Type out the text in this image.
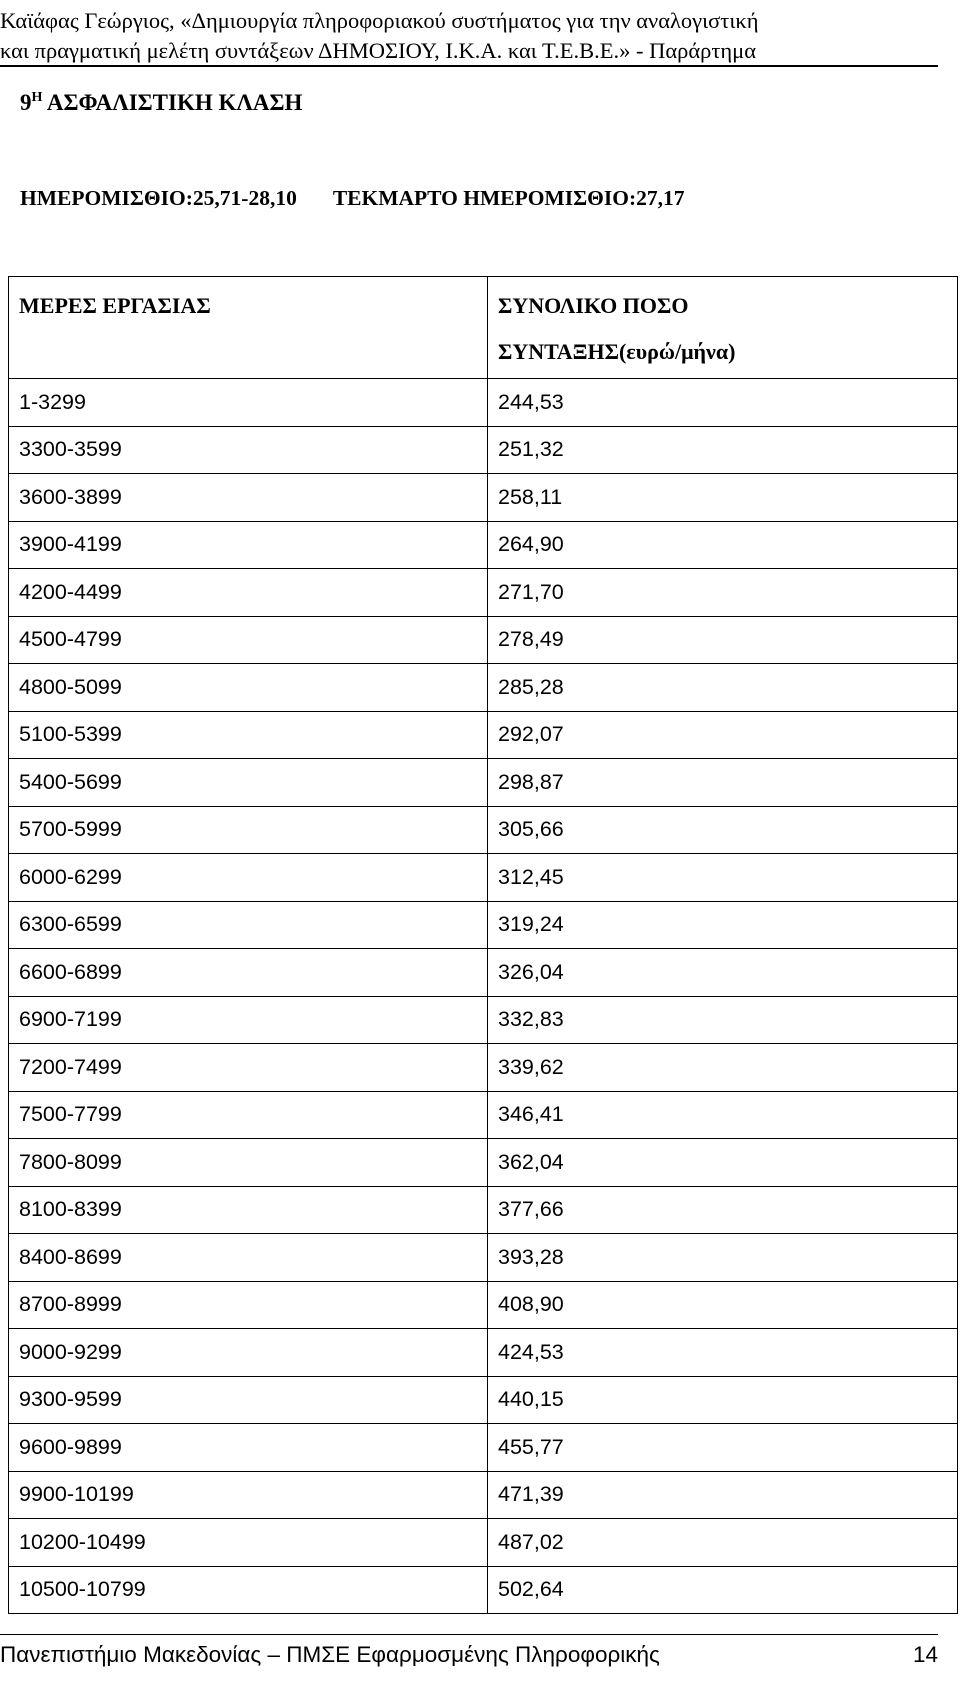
Καϊάφας Γεώργιος, «Δημιουργία πληροφοριακού συστήματος για την αναλογιστική
και πραγματική μελέτη συντάξεων ΔΗΜΟΣΙΟΥ, Ι.Κ.Α. και Τ.Ε.Β.Ε.» - Παράρτημα
$9^H$ ΑΣΦΑΛΙΣΤΙΚΗ ΚΛΑΣΗ
ΗΜΕΡΟΜΙΣΘΙΟ:25,71-28,10 ΤΕΚΜΑΡΤΟ ΗΜΕΡΟΜΙΣΘΙΟ:27,17
ΜΕΡΕΣ ΕΡΓΑΣΙΑΣ	ΣΥΝΟΛΙΚΟ ΠΟΣΟ
ΣΥΝΤΑΞΗΣ(ευρώ/μήνα)
1-3299	244,53
3300-3599	251,32
3600-3899	258,11
3900-4199	264,90
4200-4499	271,70
4500-4799	278,49
4800-5099	285,28
5100-5399	292,07
5400-5699	298,87
5700-5999	305,66
6000-6299	312,45
6300-6599	319,24
6600-6899	326,04
6900-7199	332,83
7200-7499	339,62
7500-7799	346,41
7800-8099	362,04
8100-8399	377,66
8400-8699	393,28
8700-8999	408,90
9000-9299	424,53
9300-9599	440,15
9600-9899	455,77
9900-10199	471,39
10200-10499	487,02
10500-10799	502,64
Πανεπιστήμιο Μακεδονίας – ΠΜΣΕ Εφαρμοσμένης Πληροφορικής	14
